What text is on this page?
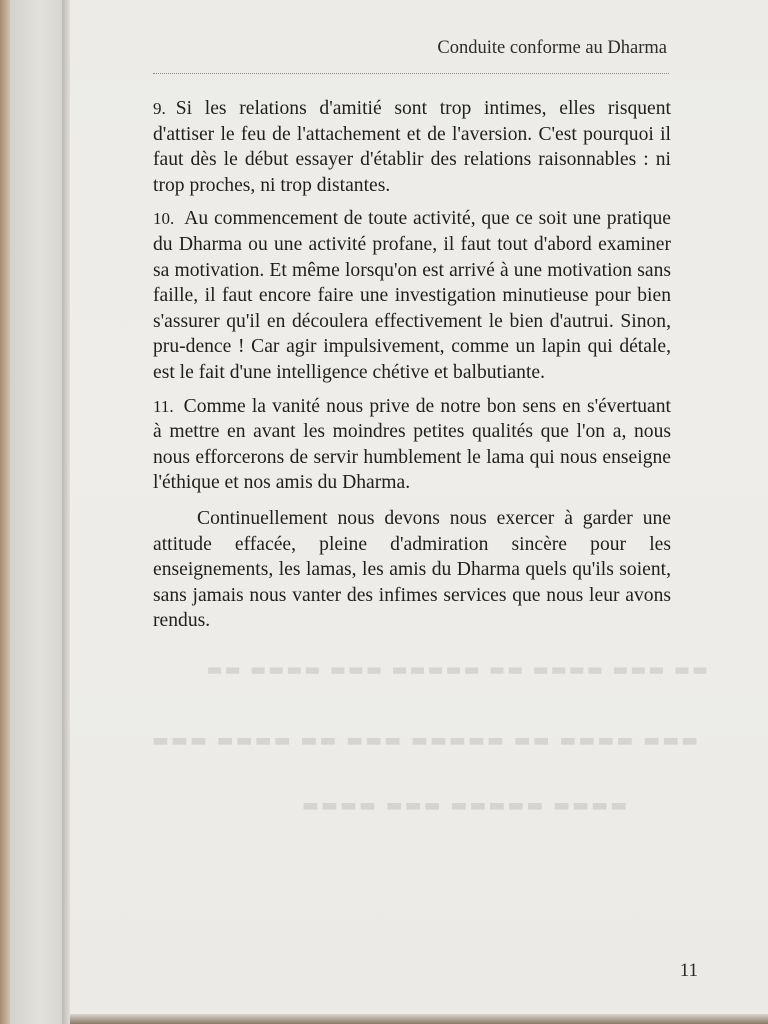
Conduite conforme au Dharma

9. Si les relations d'amitié sont trop intimes, elles risquent d'attiser le feu de l'attachement et de l'aversion. C'est pourquoi il faut dès le début essayer d'établir des relations raisonnables : ni trop proches, ni trop distantes.

10. Au commencement de toute activité, que ce soit une pratique du Dharma ou une activité profane, il faut tout d'abord examiner sa motivation. Et même lorsqu'on est arrivé à une motivation sans faille, il faut encore faire une investigation minutieuse pour bien s'assurer qu'il en découlera effectivement le bien d'autrui. Sinon, pru-dence ! Car agir impulsivement, comme un lapin qui détale, est le fait d'une intelligence chétive et balbutiante.

11. Comme la vanité nous prive de notre bon sens en s'évertuant à mettre en avant les moindres petites qualités que l'on a, nous nous efforcerons de servir humblement le lama qui nous enseigne l'éthique et nos amis du Dharma.

Continuellement nous devons nous exercer à garder une attitude effacée, pleine d'admiration sincère pour les enseignements, les lamas, les amis du Dharma quels qu'ils soient, sans jamais nous vanter des infimes services que nous leur avons rendus.

▬▬ ▬▬▬ ▬▬▬▬ ▬▬ ▬▬▬▬▬ ▬▬▬ ▬▬▬▬ ▬▬
▬▬▬ ▬▬▬▬ ▬▬ ▬▬▬▬▬ ▬▬▬ ▬▬ ▬▬▬▬ ▬▬▬
▬▬▬▬ ▬▬▬▬▬ ▬▬▬ ▬▬▬▬
11
